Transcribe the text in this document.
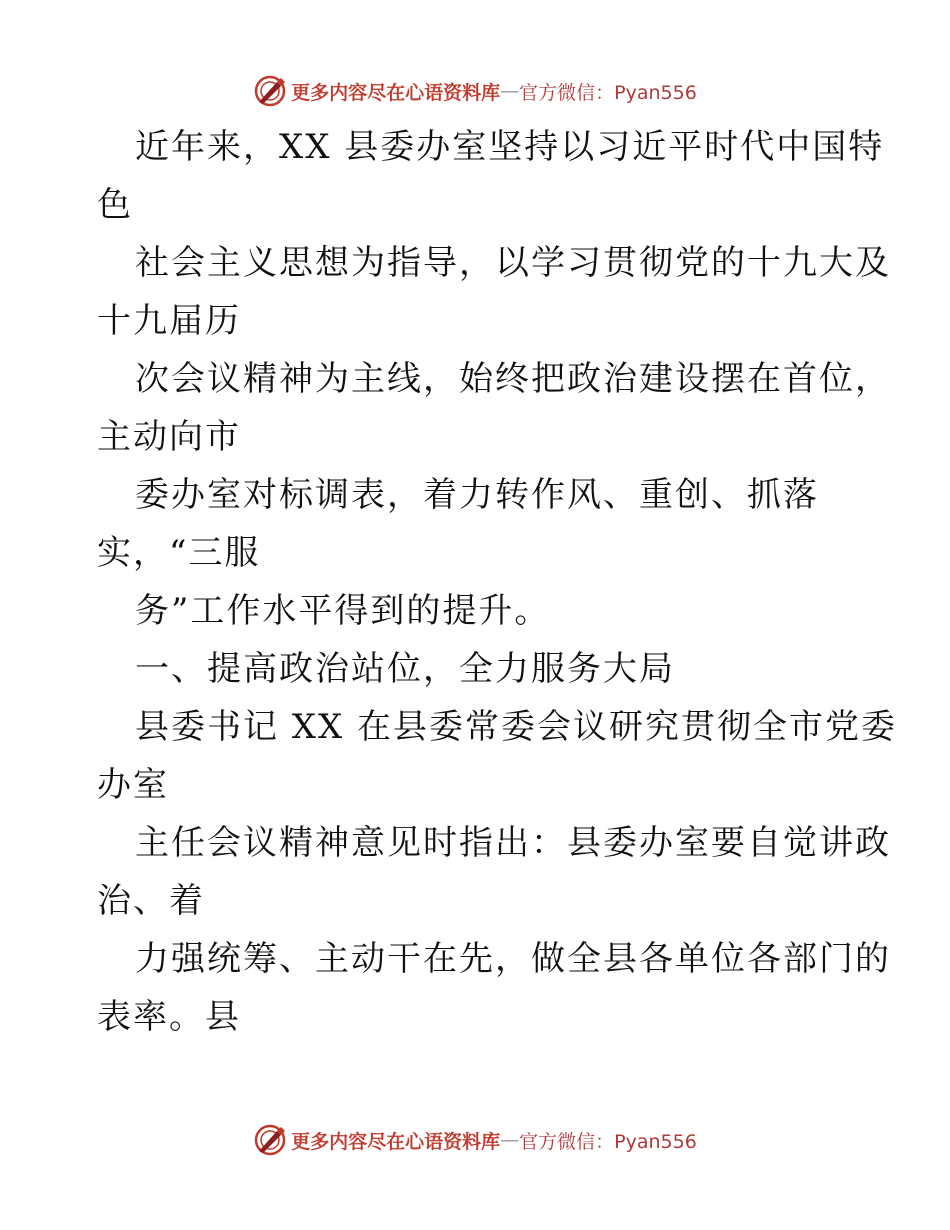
更多内容尽在心语资料库 — 官方微信：Pyan556
近年来，XX 县委办室坚持以习近平时代中国特
色
社会主义思想为指导，以学习贯彻党的十九大及
十九届历
次会议精神为主线，始终把政治建设摆在首位，
主动向市
委办室对标调表，着力转作风、重创、抓落
实，“三服
务”工作水平得到的提升。
一、提高政治站位，全力服务大局
县委书记 XX 在县委常委会议研究贯彻全市党委
办室
主任会议精神意见时指出：县委办室要自觉讲政
治、着
力强统筹、主动干在先，做全县各单位各部门的
表率。县
更多内容尽在心语资料库 — 官方微信：Pyan556
